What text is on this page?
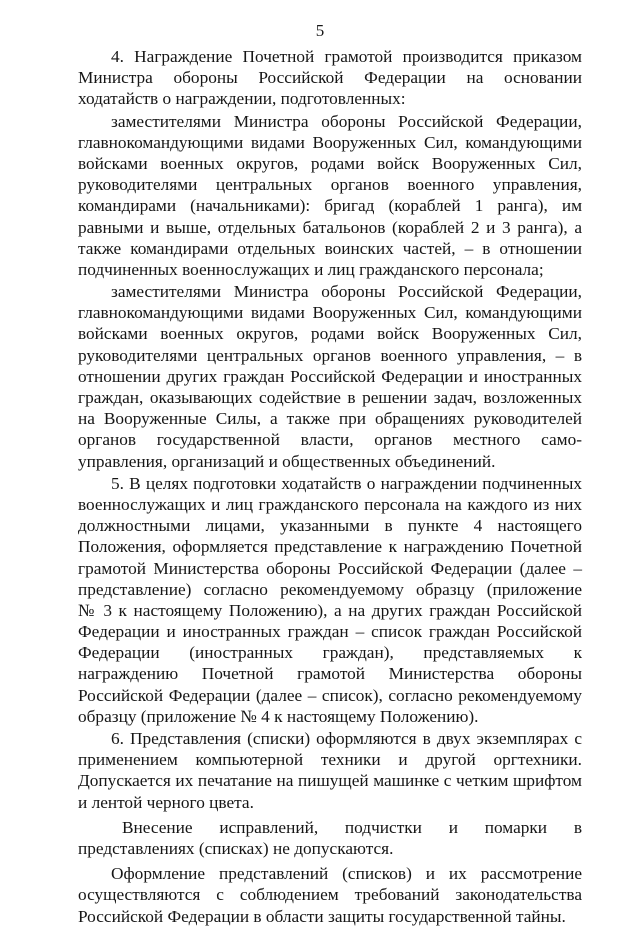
5
4. Награждение Почетной грамотой производится приказом
Министра обороны Российской Федерации на основании
ходатайств о награждении, подготовленных:
заместителями Министра обороны Российской Федерации,
главнокомандующими видами Вооруженных Сил, командующими
войсками военных округов, родами войск Вооруженных Сил,
руководителями центральных органов военного управления,
командирами (начальниками): бригад (кораблей 1 ранга), им
равными и выше, отдельных батальонов (кораблей 2 и 3 ранга), а
также командирами отдельных воинских частей, – в отношении
подчиненных военнослужащих и лиц гражданского персонала;
заместителями Министра обороны Российской Федерации,
главнокомандующими видами Вооруженных Сил, командующими
войсками военных округов, родами войск Вооруженных Сил,
руководителями центральных органов военного управления, – в
отношении других граждан Российской Федерации и иностранных
граждан, оказывающих содействие в решении задач, возложенных
на Вооруженные Силы, а также при обращениях руководителей
органов государственной власти, органов местного само-
управления, организаций и общественных объединений.
5. В целях подготовки ходатайств о награждении подчиненных
военнослужащих и лиц гражданского персонала на каждого из них
должностными лицами, указанными в пункте 4 настоящего
Положения, оформляется представление к награждению Почетной
грамотой Министерства обороны Российской Федерации (далее –
представление) согласно рекомендуемому образцу (приложение
№ 3 к настоящему Положению), а на других граждан Российской
Федерации и иностранных граждан – список граждан Российской
Федерации (иностранных граждан), представляемых к
награждению Почетной грамотой Министерства обороны
Российской Федерации (далее – список), согласно рекомендуемому
образцу (приложение № 4 к настоящему Положению).
6. Представления (списки) оформляются в двух экземплярах с
применением компьютерной техники и другой оргтехники.
Допускается их печатание на пишущей машинке с четким шрифтом
и лентой черного цвета.
Внесение исправлений, подчистки и помарки в
представлениях (списках) не допускаются.
Оформление представлений (списков) и их рассмотрение
осуществляются с соблюдением требований законодательства
Российской Федерации в области защиты государственной тайны.
